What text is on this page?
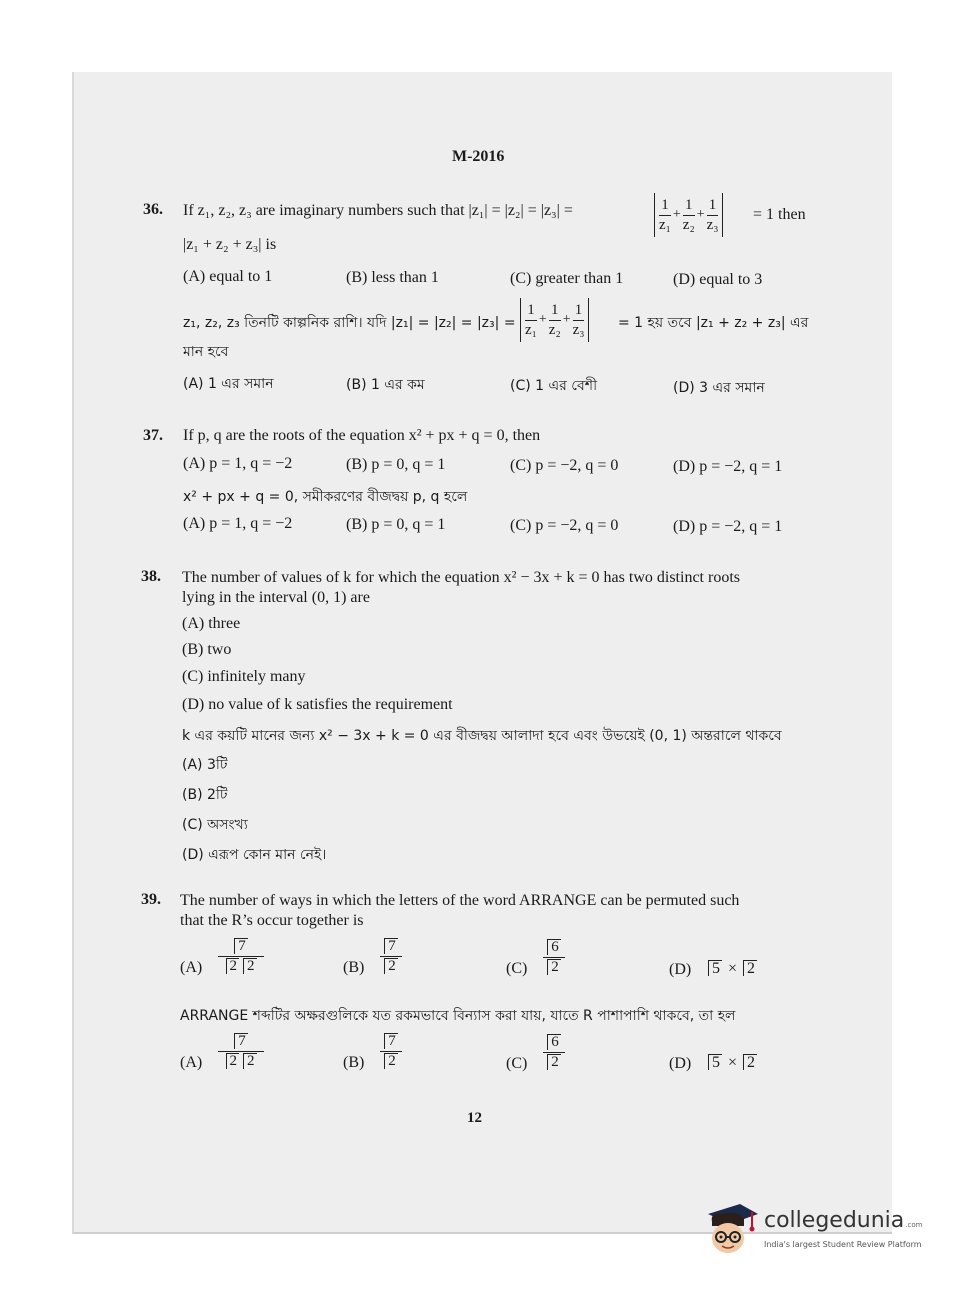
M-2016
36. If z₁, z₂, z₃ are imaginary numbers such that |z₁| = |z₂| = |z₃| =	$\frac{1}{\text{z₁}} + \frac{1}{\text{z₂}} + \frac{1}{\text{z₃}} = 1$ then
|z₁ + z₂ + z₃| is
(A) equal to 1	(B) less than 1	(C) greater than 1	(D) equal to 3
z₁, z₂, z₃ তিনটি কাল্পনিক রাশি। যদি $|z_1| = |z_2| = |z_3| = \frac{1}{\text{z₁}} + \frac{1}{\text{z₂}} + \frac{1}{\text{z₃}} = 1$ হয় তবে |z₁ + z₂ + z₃| এর
মান হবে
(A) 1 এর সমান	(B) 1 এর কম	(C) 1 এর বেশী	(D) 3 এর সমান
37. If p, q are the roots of the equation x² + px + q = 0, then
(A) p = 1, q = −2	(B) p = 0, q = 1	(C) p = −2, q = 0	(D) p = −2, q = 1
x² + px + q = 0, সমীকরণের বীজদ্বয় p, q হলে
(A) p = 1, q = −2	(B) p = 0, q = 1	(C) p = −2, q = 0	(D) p = −2, q = 1
38. The number of values of k for which the equation x² − 3x + k = 0 has two distinct roots
lying in the interval (0, 1) are
(A) three
(B) two
(C) infinitely many
(D) no value of k satisfies the requirement
k এর কয়টি মানের জন্য x² − 3x + k = 0 এর বীজদ্বয় আলাদা হবে এবং উভয়েই (0, 1) অন্তরালে থাকবে
(A) 3টি
(B) 2টি
(C) অসংখ্য
(D) এরূপ কোন মান নেই।
39. The number of ways in which the letters of the word ARRANGE can be permuted such
that the R’s occur together is
(A)
7
2 2	(B)
7
2	(C)
6
2	(D)	5 × 2
ARRANGE শব্দটির অক্ষরগুলিকে যত রকমভাবে বিন্যাস করা যায়, যাতে R পাশাপাশি থাকবে, তা হল
(A)
7
2 2	(B)
7
2	(C)
6
2	(D)	5 × 2
12
collegedunia.com
India's largest Student Review Platform
